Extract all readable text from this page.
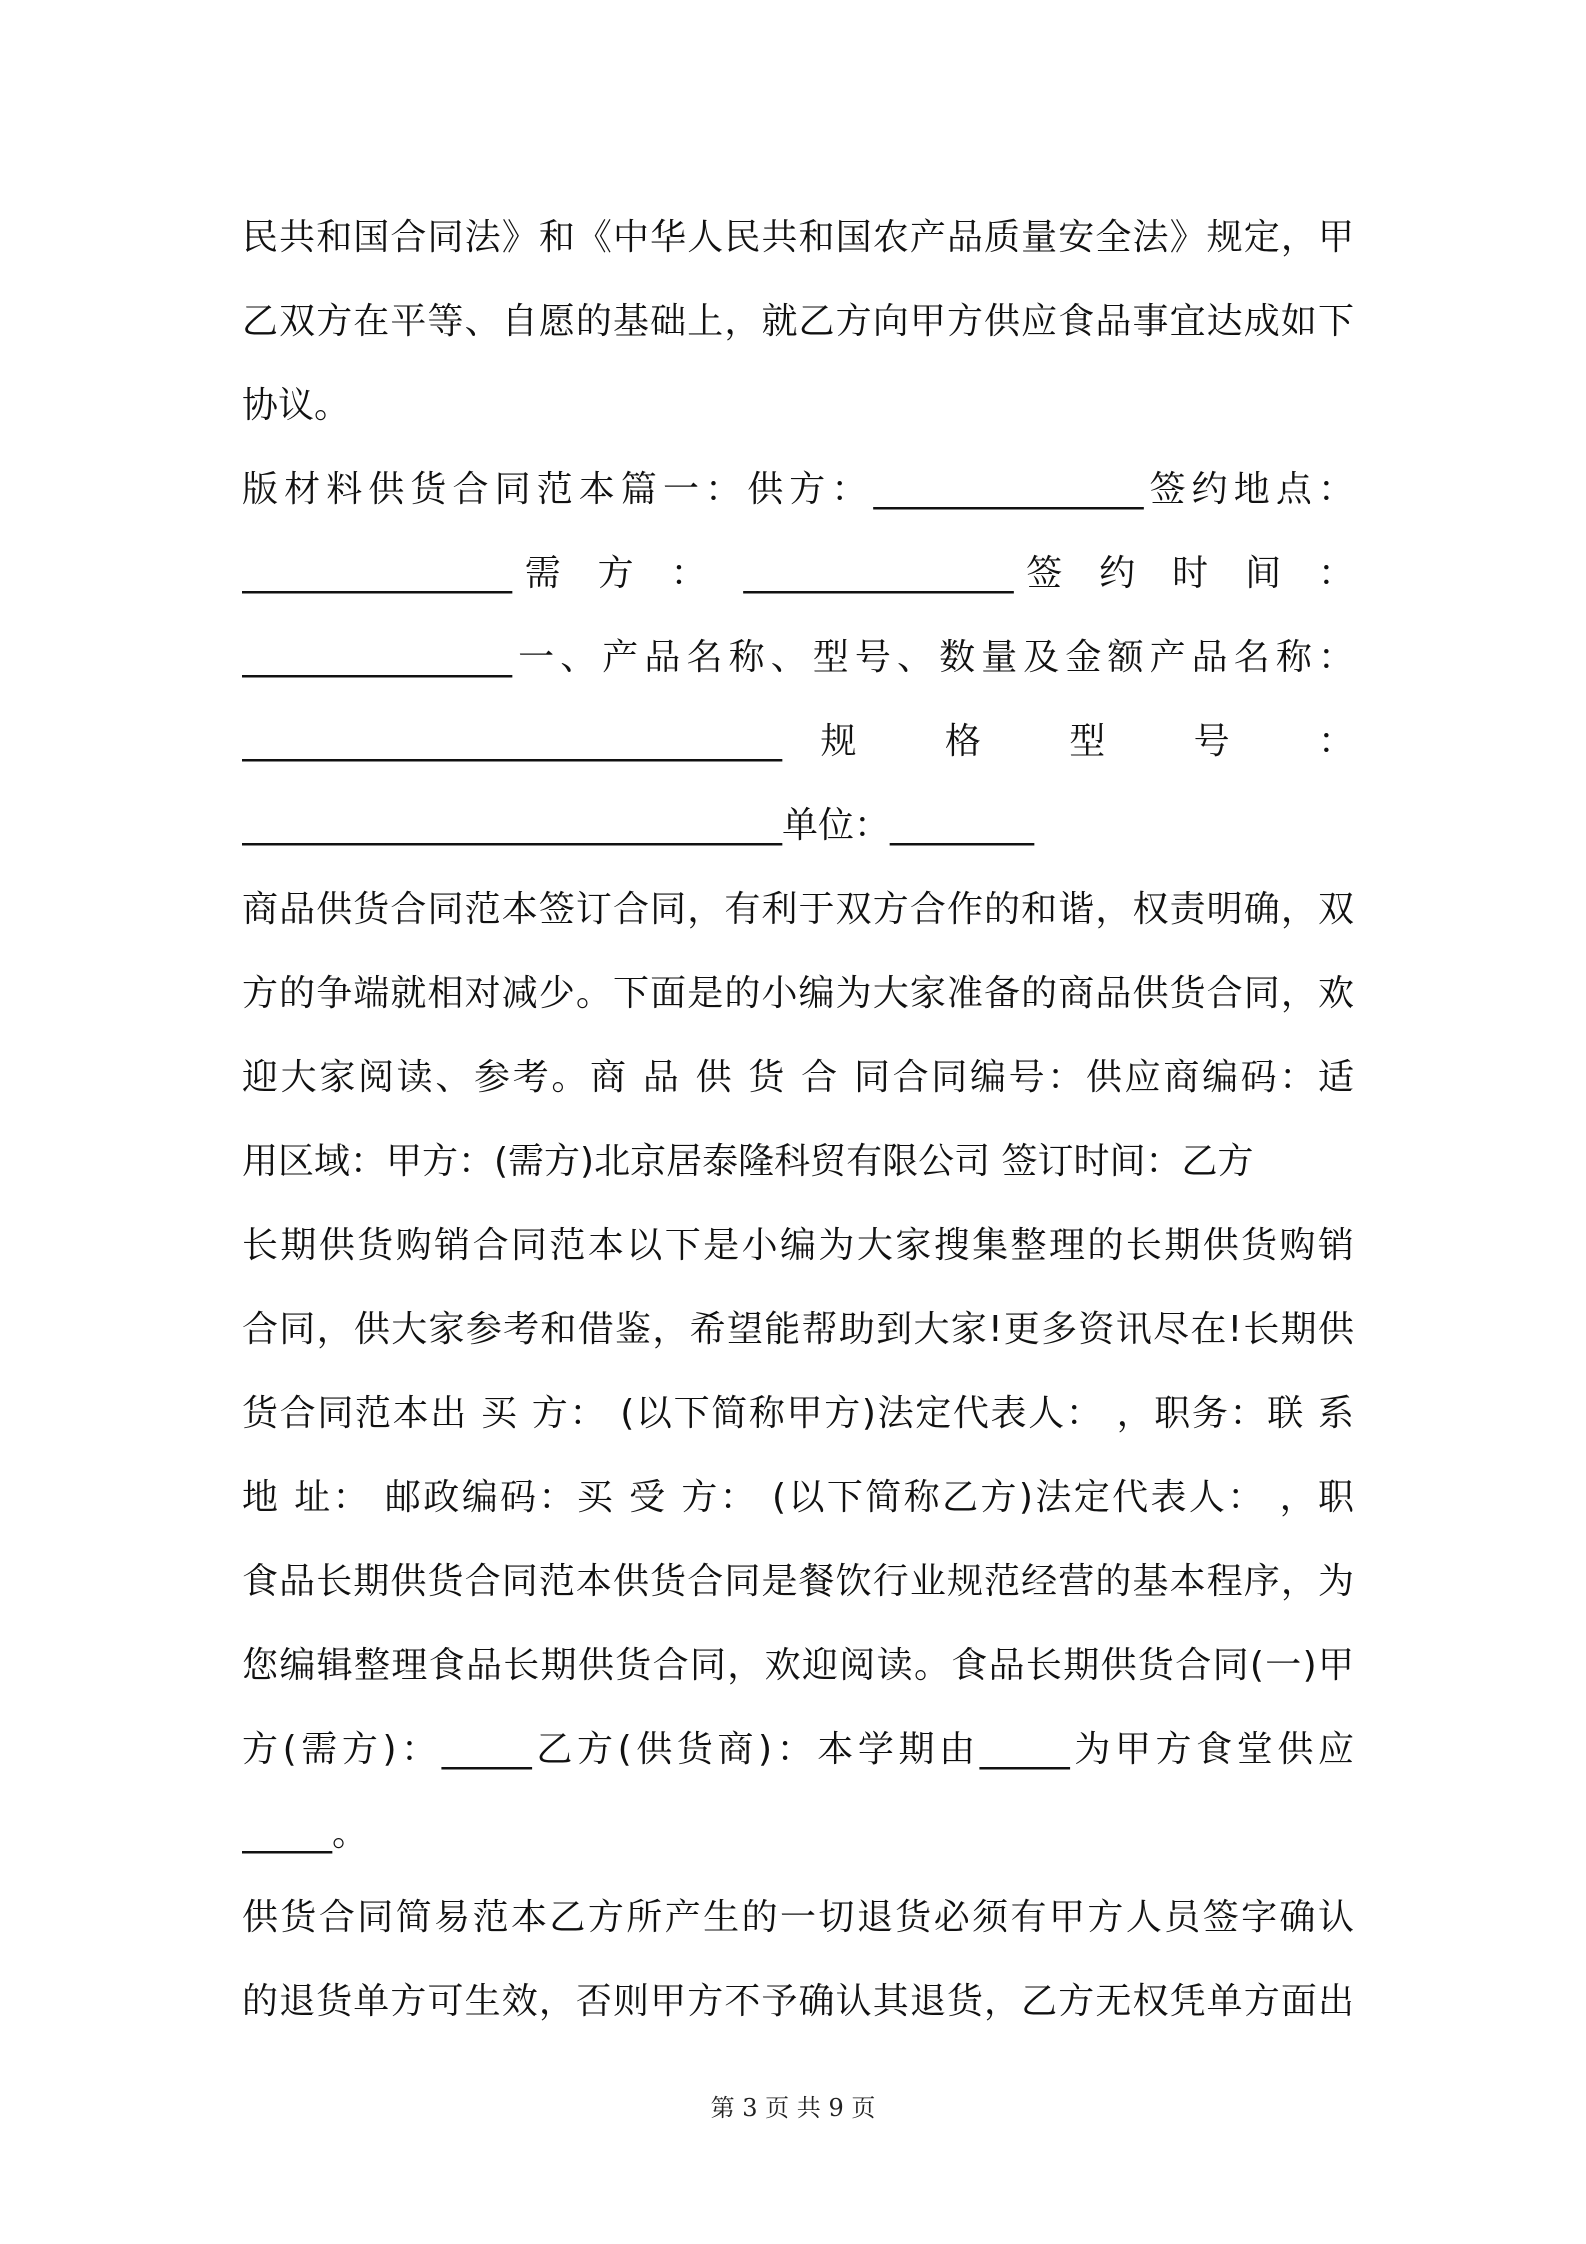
民共和国合同法》和《中华人民共和国农产品质量安全法》规定，甲
乙双方在平等、自愿的基础上，就乙方向甲方供应食品事宜达成如下
协议。
版材料供货合同范本篇一：供方：_______________签约地点：
_______________需 方 ： _______________签 约 时 间 ：
_______________一、产品名称、型号、数量及金额产品名称：
______________________________规 格 型 号 ：
______________________________单位：________
商品供货合同范本签订合同，有利于双方合作的和谐，权责明确，双
方的争端就相对减少。下面是的小编为大家准备的商品供货合同，欢
迎大家阅读、参考。商 品 供 货 合 同合同编号：供应商编码：适
用区域：甲方：(需方)北京居泰隆科贸有限公司 签订时间：乙方
长期供货购销合同范本以下是小编为大家搜集整理的长期供货购销
合同，供大家参考和借鉴，希望能帮助到大家!更多资讯尽在!长期供
货合同范本出 买 方： (以下简称甲方)法定代表人： ，职务：联 系
地 址： 邮政编码：买 受 方： (以下简称乙方)法定代表人： ，职
食品长期供货合同范本供货合同是餐饮行业规范经营的基本程序，为
您编辑整理食品长期供货合同，欢迎阅读。食品长期供货合同(一)甲
方(需方)：_____乙方(供货商)：本学期由_____为甲方食堂供应
_____。
供货合同简易范本乙方所产生的一切退货必须有甲方人员签字确认
的退货单方可生效，否则甲方不予确认其退货，乙方无权凭单方面出
第 3 页 共 9 页
